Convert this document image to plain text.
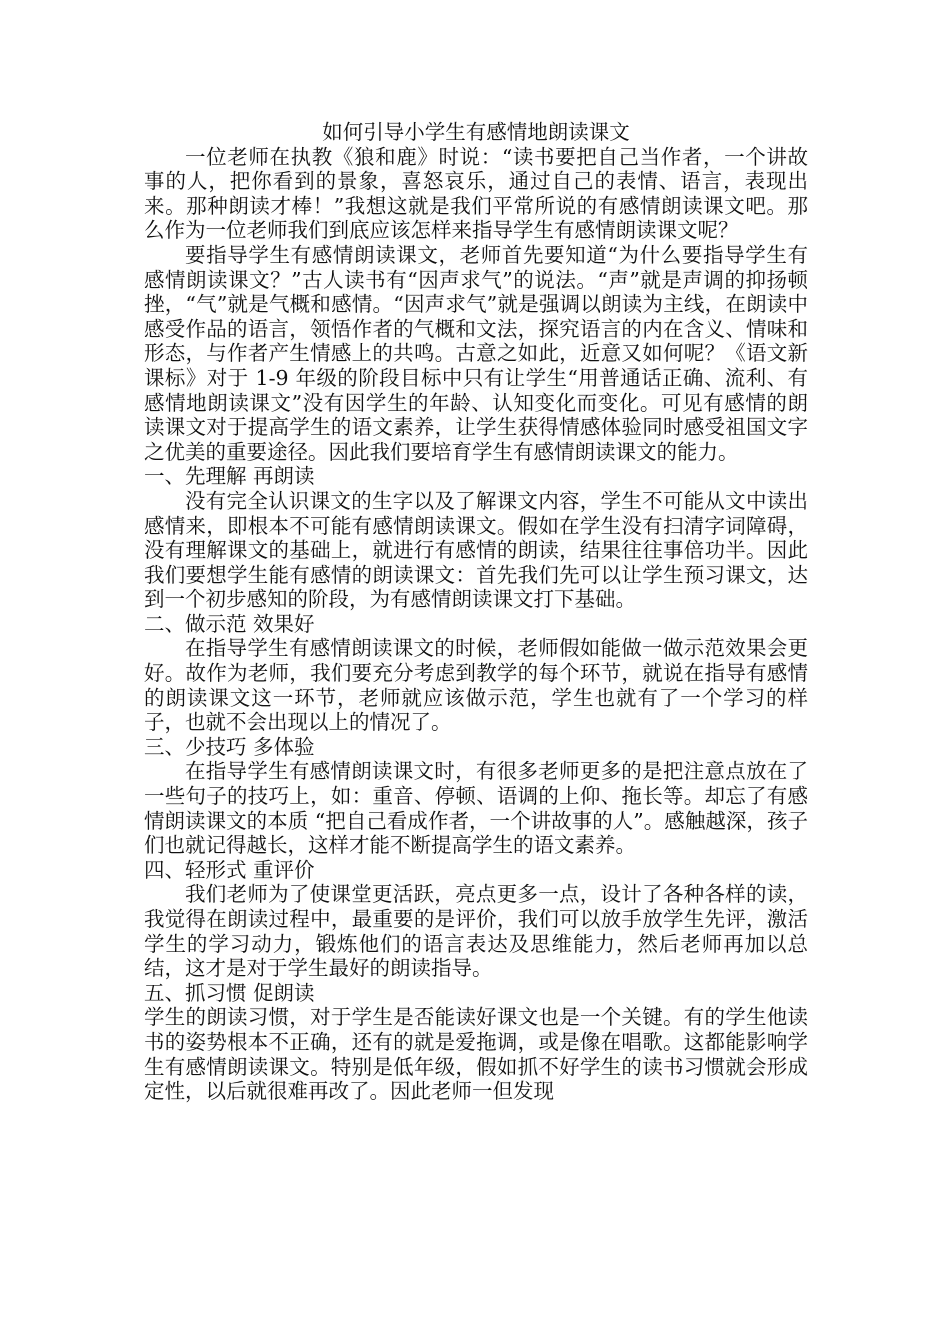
如何引导小学生有感情地朗读课文

一位老师在执教《狼和鹿》时说：“读书要把自己当作者，一个讲故事的人，把你看到的景象，喜怒哀乐，通过自己的表情、语言，表现出来。那种朗读才棒！”我想这就是我们平常所说的有感情朗读课文吧。那么作为一位老师我们到底应该怎样来指导学生有感情朗读课文呢？

要指导学生有感情朗读课文，老师首先要知道“为什么要指导学生有感情朗读课文？”古人读书有“因声求气”的说法。“声”就是声调的抑扬顿挫，“气”就是气概和感情。“因声求气”就是强调以朗读为主线，在朗读中感受作品的语言，领悟作者的气概和文法，探究语言的内在含义、情味和形态，与作者产生情感上的共鸣。古意之如此，近意又如何呢？《语文新课标》对于 1-9 年级的阶段目标中只有让学生“用普通话正确、流利、有感情地朗读课文”没有因学生的年龄、认知变化而变化。可见有感情的朗读课文对于提高学生的语文素养，让学生获得情感体验同时感受祖国文字之优美的重要途径。因此我们要培育学生有感情朗读课文的能力。

一、先理解 再朗读

没有完全认识课文的生字以及了解课文内容，学生不可能从文中读出感情来，即根本不可能有感情朗读课文。假如在学生没有扫清字词障碍，没有理解课文的基础上，就进行有感情的朗读，结果往往事倍功半。因此我们要想学生能有感情的朗读课文：首先我们先可以让学生预习课文，达到一个初步感知的阶段，为有感情朗读课文打下基础。

二、做示范 效果好

在指导学生有感情朗读课文的时候，老师假如能做一做示范效果会更好。故作为老师，我们要充分考虑到教学的每个环节，就说在指导有感情的朗读课文这一环节，老师就应该做示范，学生也就有了一个学习的样子，也就不会出现以上的情况了。

三、少技巧 多体验

在指导学生有感情朗读课文时，有很多老师更多的是把注意点放在了一些句子的技巧上，如：重音、停顿、语调的上仰、拖长等。却忘了有感情朗读课文的本质 “把自己看成作者，一个讲故事的人”。感触越深，孩子们也就记得越长，这样才能不断提高学生的语文素养。

四、轻形式 重评价

我们老师为了使课堂更活跃，亮点更多一点，设计了各种各样的读，我觉得在朗读过程中，最重要的是评价，我们可以放手放学生先评，激活学生的学习动力，锻炼他们的语言表达及思维能力，然后老师再加以总结，这才是对于学生最好的朗读指导。

五、抓习惯 促朗读

学生的朗读习惯，对于学生是否能读好课文也是一个关键。有的学生他读书的姿势根本不正确，还有的就是爱拖调，或是像在唱歌。这都能影响学生有感情朗读课文。特别是低年级，假如抓不好学生的读书习惯就会形成定性，以后就很难再改了。因此老师一但发现
